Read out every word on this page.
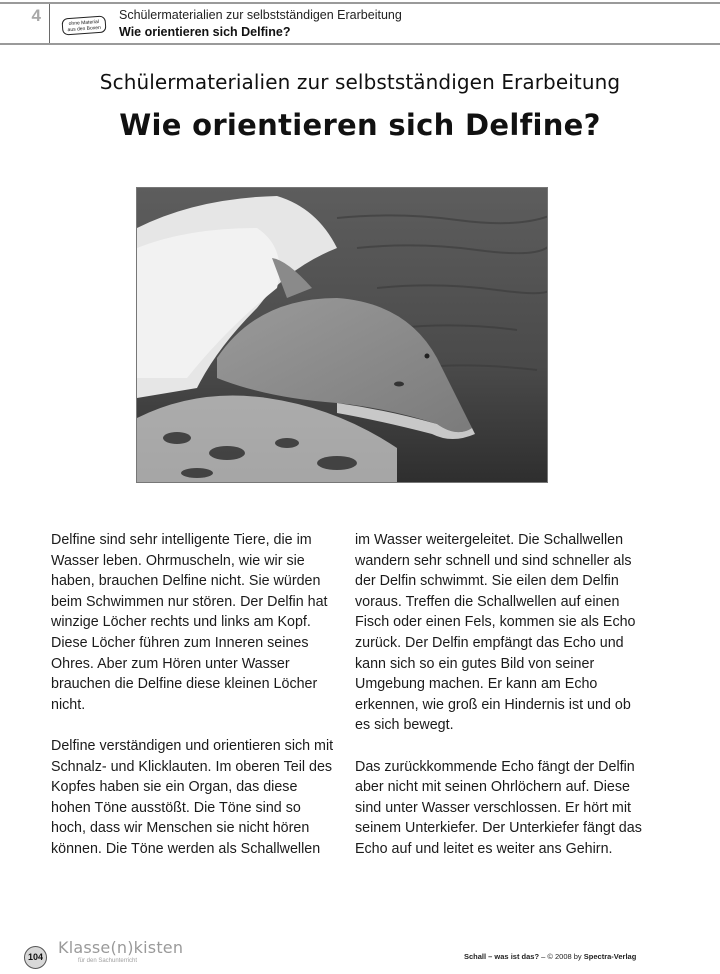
4	ohne Material
aus den Boxen
Schülermaterialien zur selbstständigen Erarbeitung
Wie orientieren sich Delfine?
Schülermaterialien zur selbstständigen Erarbeitung
Wie orientieren sich Delfine?

Delfine sind sehr intelligente Tiere, die im
Wasser leben. Ohrmuscheln, wie wir sie
haben, brauchen Delfine nicht. Sie würden
beim Schwimmen nur stören. Der Delfin hat
winzige Löcher rechts und links am Kopf.
Diese Löcher führen zum Inneren seines
Ohres. Aber zum Hören unter Wasser
brauchen die Delfine diese kleinen Löcher
nicht.

Delfine verständigen und orientieren sich mit
Schnalz- und Klicklauten. Im oberen Teil des
Kopfes haben sie ein Organ, das diese
hohen Töne ausstößt. Die Töne sind so
hoch, dass wir Menschen sie nicht hören
können. Die Töne werden als Schallwellen

im Wasser weitergeleitet. Die Schallwellen
wandern sehr schnell und sind schneller als
der Delfin schwimmt. Sie eilen dem Delfin
voraus. Treffen die Schallwellen auf einen
Fisch oder einen Fels, kommen sie als Echo
zurück. Der Delfin empfängt das Echo und
kann sich so ein gutes Bild von seiner
Umgebung machen. Er kann am Echo
erkennen, wie groß ein Hindernis ist und ob
es sich bewegt.

Das zurückkommende Echo fängt der Delfin
aber nicht mit seinen Ohrlöchern auf. Diese
sind unter Wasser verschlossen. Er hört mit
seinem Unterkiefer. Der Unterkiefer fängt das
Echo auf und leitet es weiter ans Gehirn.

104 Klasse(n)kisten
für den Sachunterricht	Schall – was ist das? – © 2008 by Spectra-Verlag
